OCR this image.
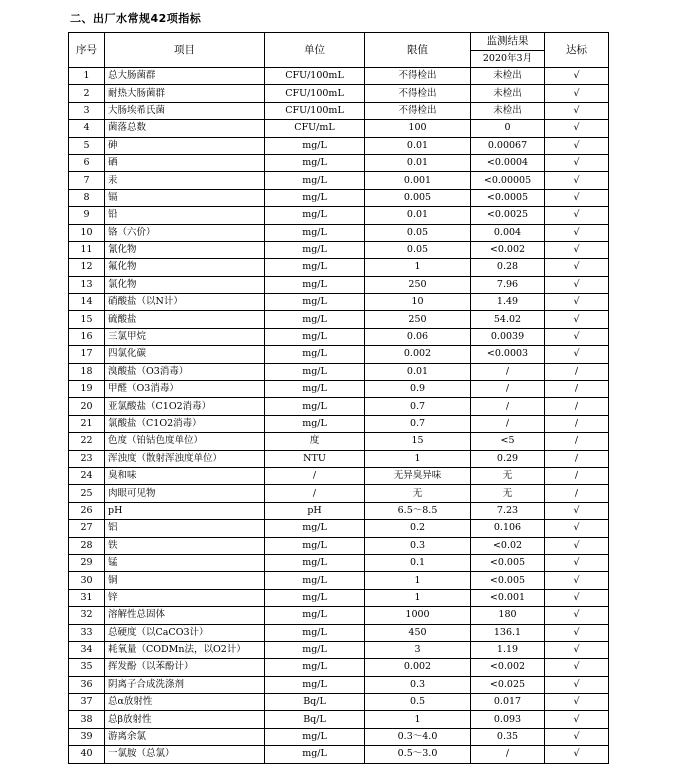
二、出厂水常规42项指标
序号	项目	单位	限值	监测结果	达标
				2020年3月	
1	总大肠菌群	CFU/100mL	不得检出	未检出	√
2	耐热大肠菌群	CFU/100mL	不得检出	未检出	√
3	大肠埃希氏菌	CFU/100mL	不得检出	未检出	√
4	菌落总数	CFU/mL	100	0	√
5	砷	mg/L	0.01	0.00067	√
6	硒	mg/L	0.01	<0.0004	√
7	汞	mg/L	0.001	<0.00005	√
8	镉	mg/L	0.005	<0.0005	√
9	铅	mg/L	0.01	<0.0025	√
10	铬（六价）	mg/L	0.05	0.004	√
11	氰化物	mg/L	0.05	<0.002	√
12	氟化物	mg/L	1	0.28	√
13	氯化物	mg/L	250	7.96	√
14	硝酸盐（以N计）	mg/L	10	1.49	√
15	硫酸盐	mg/L	250	54.02	√
16	三氯甲烷	mg/L	0.06	0.0039	√
17	四氯化碳	mg/L	0.002	<0.0003	√
18	溴酸盐（O3消毒）	mg/L	0.01	/	/
19	甲醛（O3消毒）	mg/L	0.9	/	/
20	亚氯酸盐（C1O2消毒）	mg/L	0.7	/	/
21	氯酸盐（C1O2消毒）	mg/L	0.7	/	/
22	色度（铂钴色度单位）	度	15	<5	/
23	浑浊度（散射浑浊度单位）	NTU	1	0.29	/
24	臭和味	/	无异臭异味	无	/
25	肉眼可见物	/	无	无	/
26	pH	pH	6.5～8.5	7.23	√
27	铝	mg/L	0.2	0.106	√
28	铁	mg/L	0.3	<0.02	√
29	锰	mg/L	0.1	<0.005	√
30	铜	mg/L	1	<0.005	√
31	锌	mg/L	1	<0.001	√
32	溶解性总固体	mg/L	1000	180	√
33	总硬度（以CaCO3计）	mg/L	450	136.1	√
34	耗氧量（CODMn法，以O2计）	mg/L	3	1.19	√
35	挥发酚（以苯酚计）	mg/L	0.002	<0.002	√
36	阴离子合成洗涤剂	mg/L	0.3	<0.025	√
37	总α放射性	Bq/L	0.5	0.017	√
38	总β放射性	Bq/L	1	0.093	√
39	游离余氯	mg/L	0.3～4.0	0.35	√
40	一氯胺（总氯）	mg/L	0.5～3.0	/	√
